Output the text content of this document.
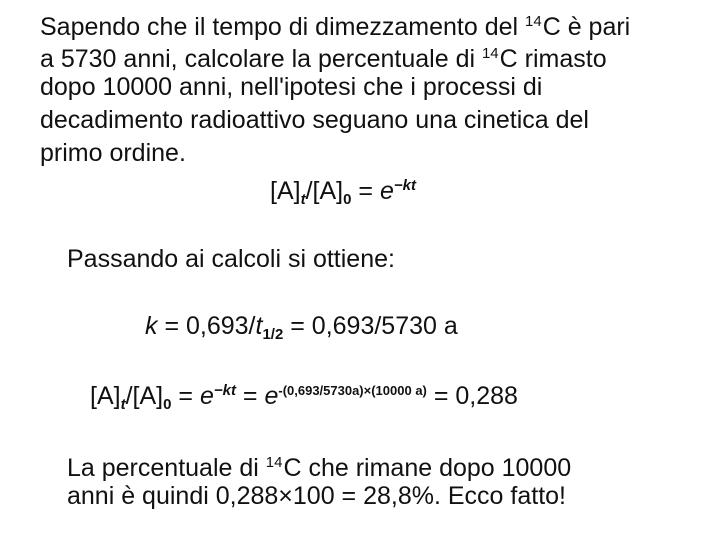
Sapendo che il tempo di dimezzamento del $^{14}$C è pari
a 5730 anni, calcolare la percentuale di $^{14}$C rimasto
dopo 10000 anni, nell'ipotesi che i processi di
decadimento radioattivo seguano una cinetica del
primo ordine.
$[A]_t/[A]_0 = e^{-kt}$
Passando ai calcoli si ottiene:
$k = 0,693/t_{1/2} = 0,693/5730$ a
$[A]_t/[A]_0 = e^{-kt} = e^{-(0,693/5730a)\times(10000 a)} = 0,288$
La percentuale di $^{14}$C che rimane dopo 10000
anni è quindi 0,288×100 = 28,8%. Ecco fatto!
